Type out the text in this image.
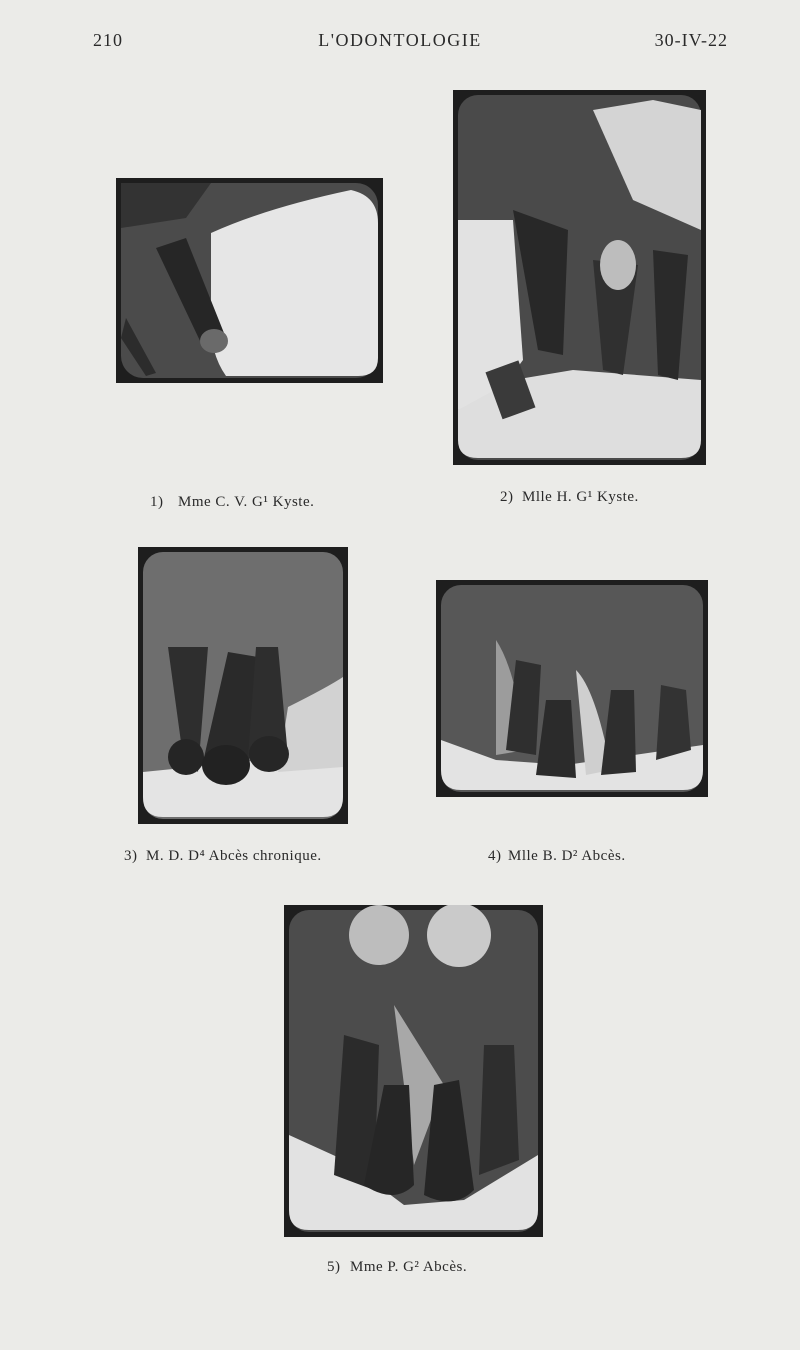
210	L'ODONTOLOGIE	30-IV-22
1) Mme C. V. G¹ Kyste.	2) Mlle H. G¹ Kyste.
3) M. D. D⁴ Abcès chronique.	4) Mlle B. D² Abcès.
5) Mme P. G² Abcès.
